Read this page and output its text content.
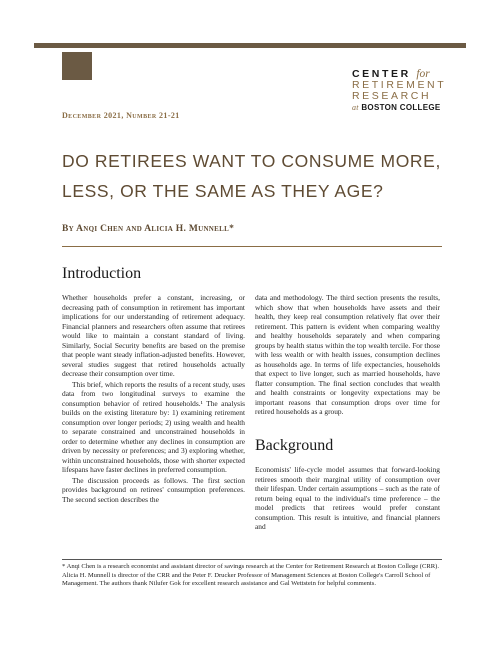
CENTER for
RETIREMENT
RESEARCH
at BOSTON COLLEGE
December 2021, Number 21-21
DO RETIREES WANT TO CONSUME MORE,
LESS, OR THE SAME AS THEY AGE?
By Anqi Chen and Alicia H. Munnell*
Introduction

Whether households prefer a constant, increasing, or decreasing path of consumption in retirement has important implications for our understanding of retirement adequacy. Financial planners and researchers often assume that retirees would like to maintain a constant standard of living. Similarly, Social Security benefits are based on the premise that people want steady inflation-adjusted benefits. However, several studies suggest that retired households actually decrease their consumption over time.

This brief, which reports the results of a recent study, uses data from two longitudinal surveys to examine the consumption behavior of retired households.¹ The analysis builds on the existing literature by: 1) examining retirement consumption over longer periods; 2) using wealth and health to separate constrained and unconstrained households in order to determine whether any declines in consumption are driven by necessity or preferences; and 3) exploring whether, within unconstrained households, those with shorter expected lifespans have faster declines in preferred consumption.

The discussion proceeds as follows. The first section provides background on retirees' consumption preferences. The second section describes the

data and methodology. The third section presents the results, which show that when households have assets and their health, they keep real consumption relatively flat over their retirement. This pattern is evident when comparing wealthy and healthy households separately and when comparing groups by health status within the top wealth tercile. For those with less wealth or with health issues, consumption declines as households age. In terms of life expectancies, households that expect to live longer, such as married households, have flatter consumption. The final section concludes that wealth and health constraints or longevity expectations may be important reasons that consumption drops over time for retired households as a group.

Background

Economists' life-cycle model assumes that forward-looking retirees smooth their marginal utility of consumption over their lifespan. Under certain assumptions – such as the rate of return being equal to the individual's time preference – the model predicts that retirees would prefer constant consumption. This result is intuitive, and financial planners and

* Anqi Chen is a research economist and assistant director of savings research at the Center for Retirement Research at Boston College (CRR). Alicia H. Munnell is director of the CRR and the Peter F. Drucker Professor of Management Sciences at Boston College's Carroll School of Management. The authors thank Nilufer Gok for excellent research assistance and Gal Wettstein for helpful comments.
